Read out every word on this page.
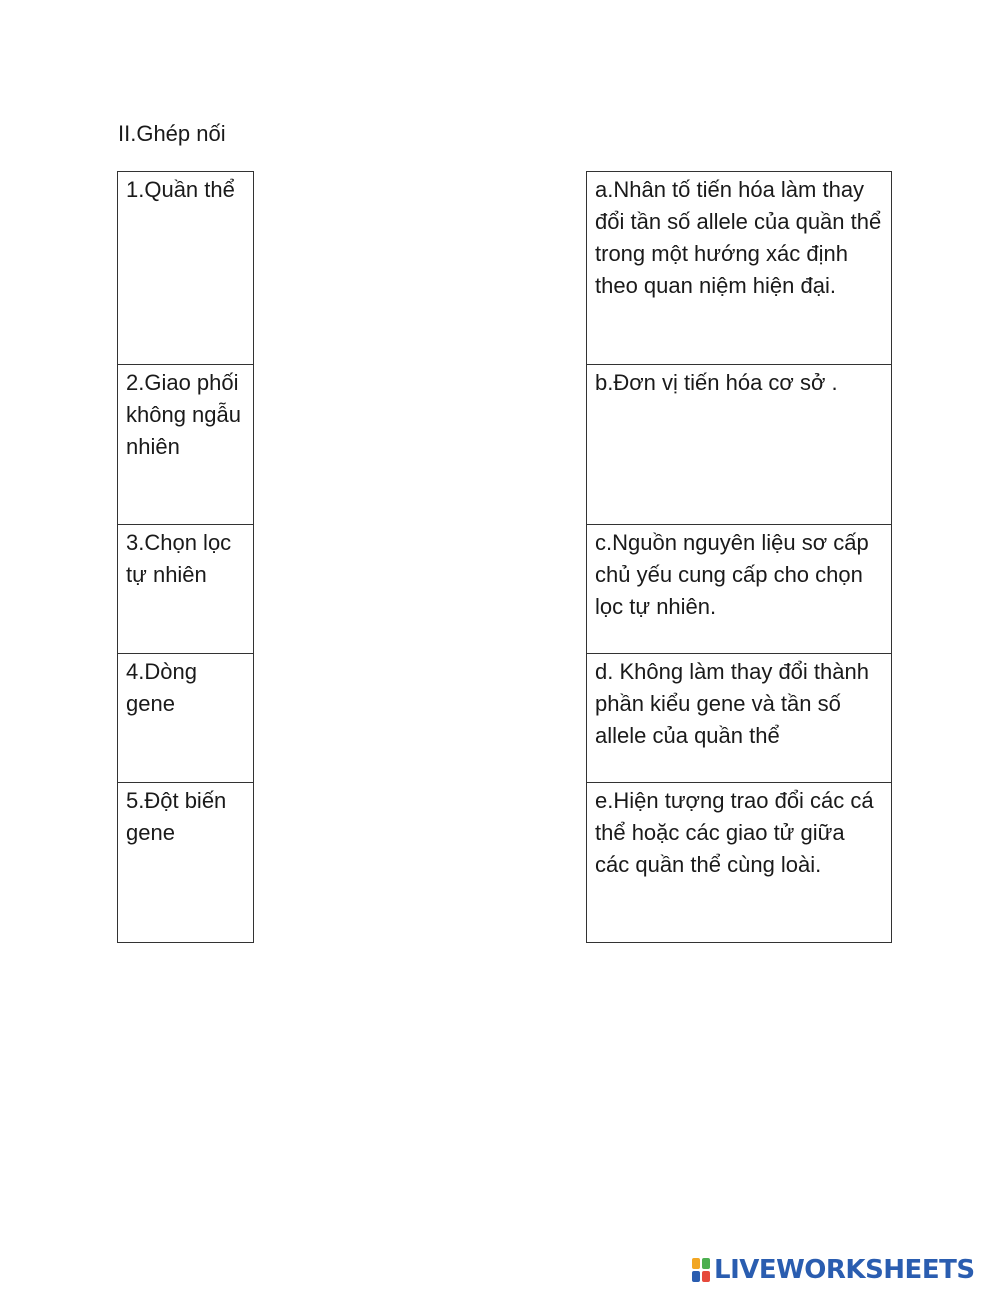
II.Ghép nối
1.Quần thể
2.Giao phối không ngẫu nhiên
3.Chọn lọc tự nhiên
4.Dòng gene
5.Đột biến gene
a.Nhân tố tiến hóa làm thay đổi tần số allele của quần thể trong một hướng xác định theo quan niệm hiện đại.
b.Đơn vị tiến hóa cơ sở .
c.Nguồn nguyên liệu sơ cấp chủ yếu cung cấp cho chọn lọc tự nhiên.
d. Không làm thay đổi thành phần kiểu gene và tần số allele của quần thể
e.Hiện tượng trao đổi các cá thể hoặc các giao tử giữa các quần thể cùng loài.
LIVEWORKSHEETS
